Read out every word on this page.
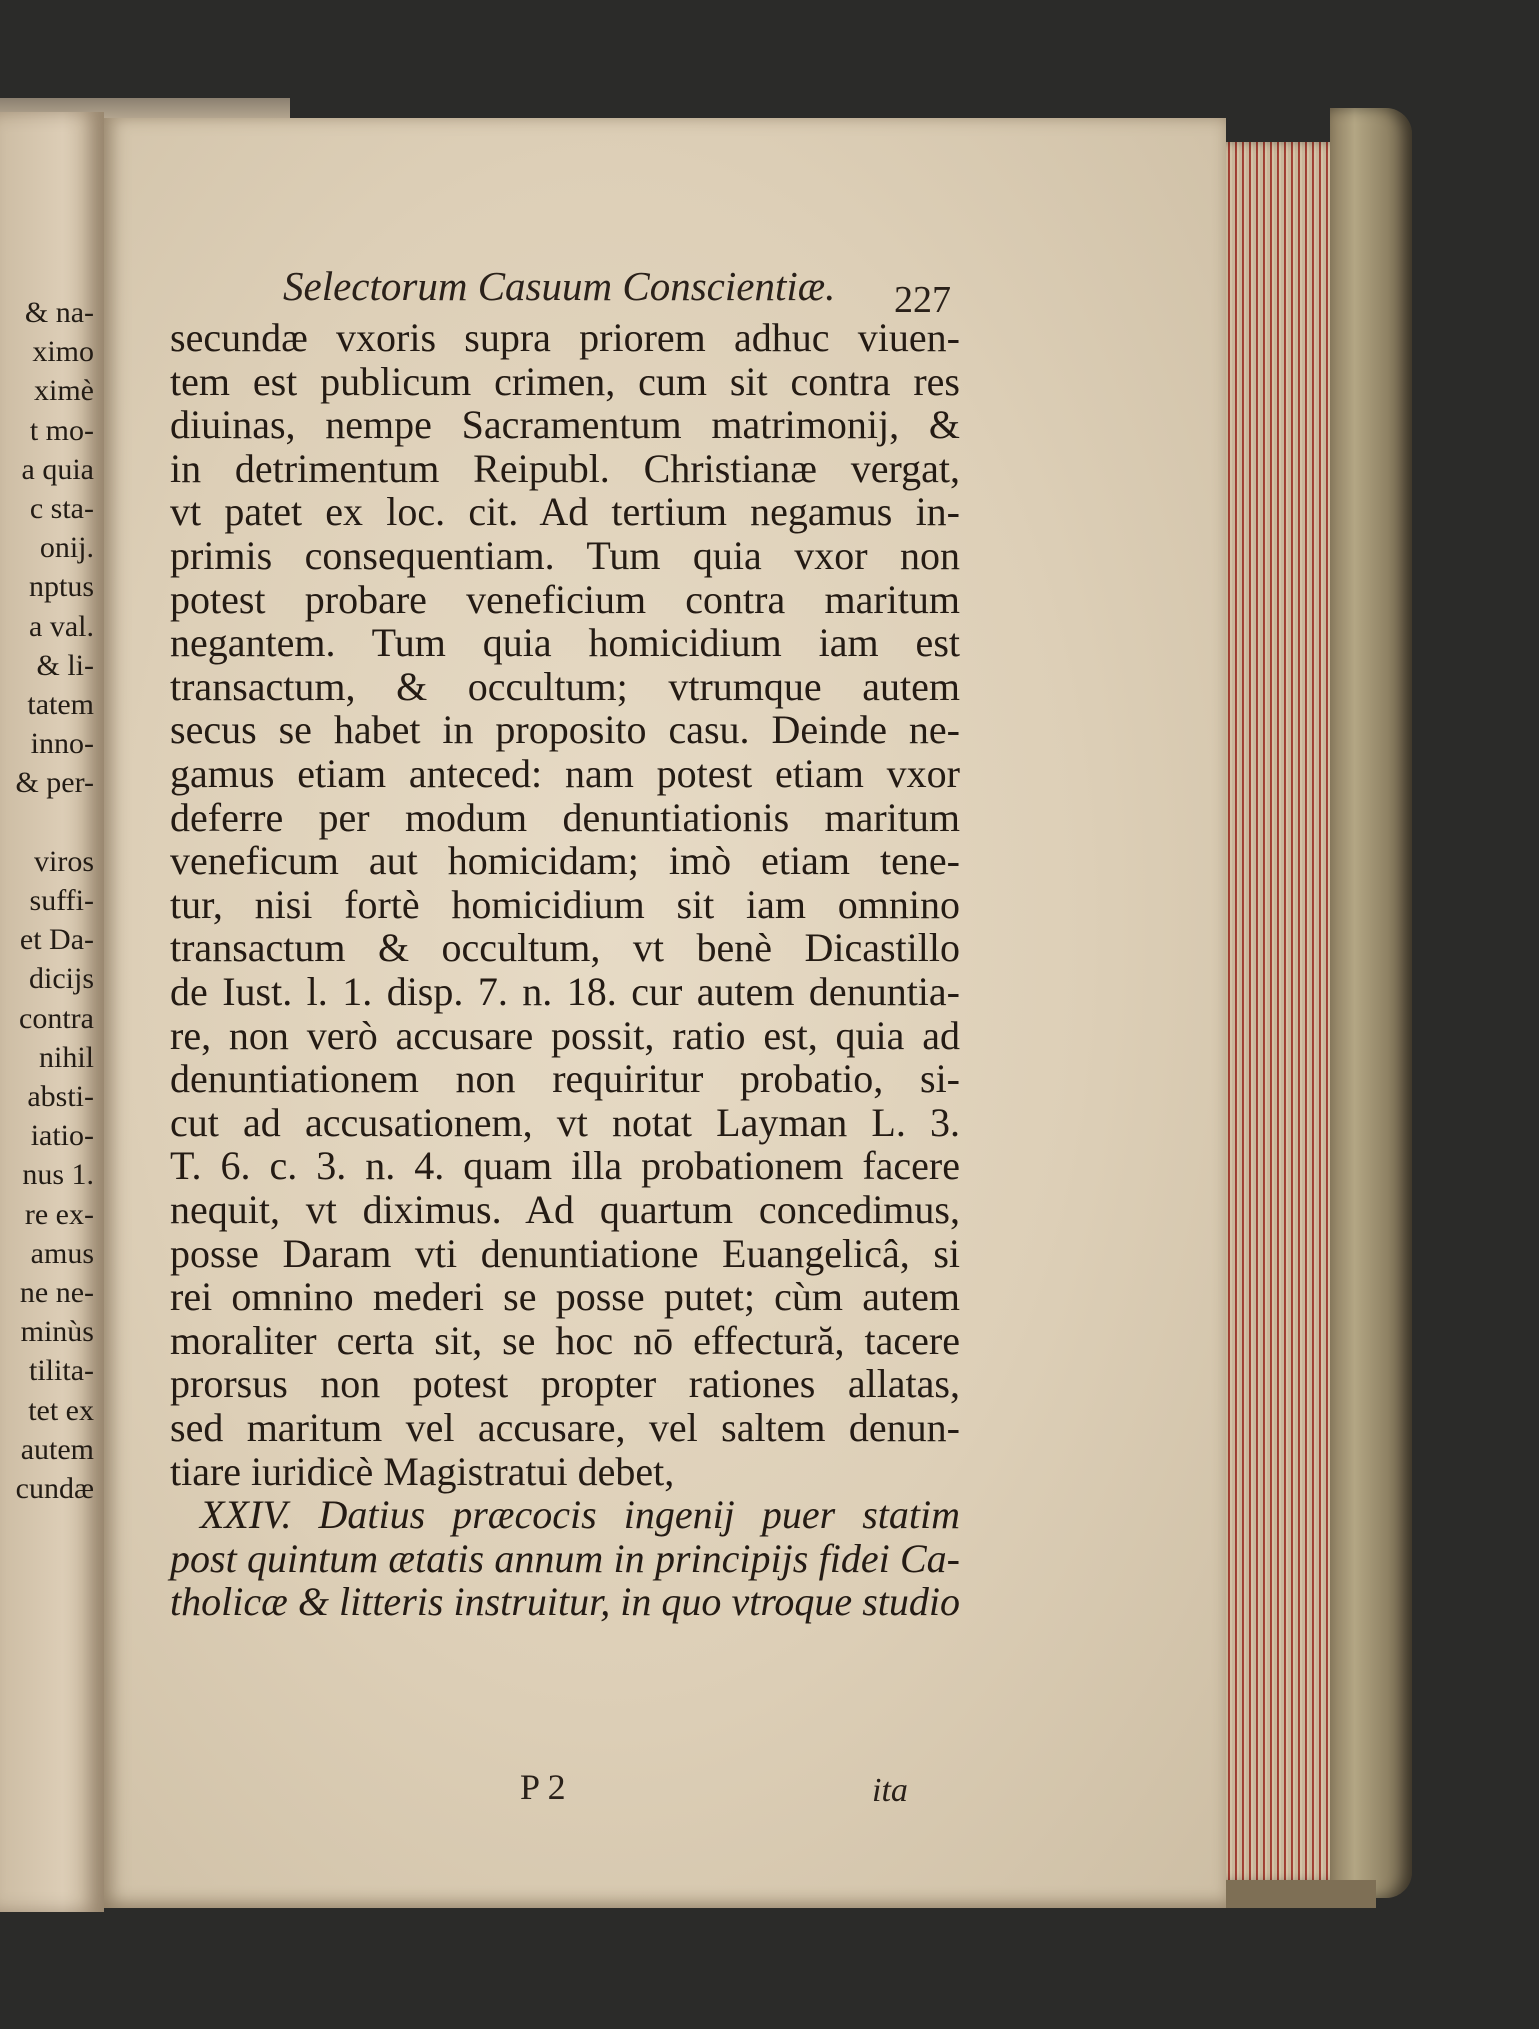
& na-
ximo
ximè
t mo-
a quia
c sta-
onij.
nptus
a val.
& li-
tatem
inno-
& per-
viros
suffi-
et Da-
dicijs
contra
nihil
absti-
iatio-
nus 1.
re ex-
amus
ne ne-
minùs
tilita-
tet ex
autem
cundæ
Selectorum Casuum Conscientiæ.	227
secundæ vxoris supra priorem adhuc viuen-
tem est publicum crimen, cum sit contra res
diuinas, nempe Sacramentum matrimonij, &
in detrimentum Reipubl. Christianæ vergat,
vt patet ex loc. cit. Ad tertium negamus in-
primis consequentiam. Tum quia vxor non
potest probare veneficium contra maritum
negantem. Tum quia homicidium iam est
transactum, & occultum; vtrumque autem
secus se habet in proposito casu. Deinde ne-
gamus etiam anteced: nam potest etiam vxor
deferre per modum denuntiationis maritum
veneficum aut homicidam; imò etiam tene-
tur, nisi fortè homicidium sit iam omnino
transactum & occultum, vt benè Dicastillo
de Iust. l. 1. disp. 7. n. 18. cur autem denuntia-
re, non verò accusare possit, ratio est, quia ad
denuntiationem non requiritur probatio, si-
cut ad accusationem, vt notat Layman L. 3.
T. 6. c. 3. n. 4. quam illa probationem facere
nequit, vt diximus. Ad quartum concedimus,
posse Daram vti denuntiatione Euangelicâ, si
rei omnino mederi se posse putet; cùm autem
moraliter certa sit, se hoc nō effectură, tacere
prorsus non potest propter rationes allatas,
sed maritum vel accusare, vel saltem denun-
tiare iuridicè Magistratui debet,
XXIV. Datius præcocis ingenij puer statim
post quintum ætatis annum in principijs fidei Ca-
tholicæ & litteris instruitur, in quo vtroque studio
P 2	ita
